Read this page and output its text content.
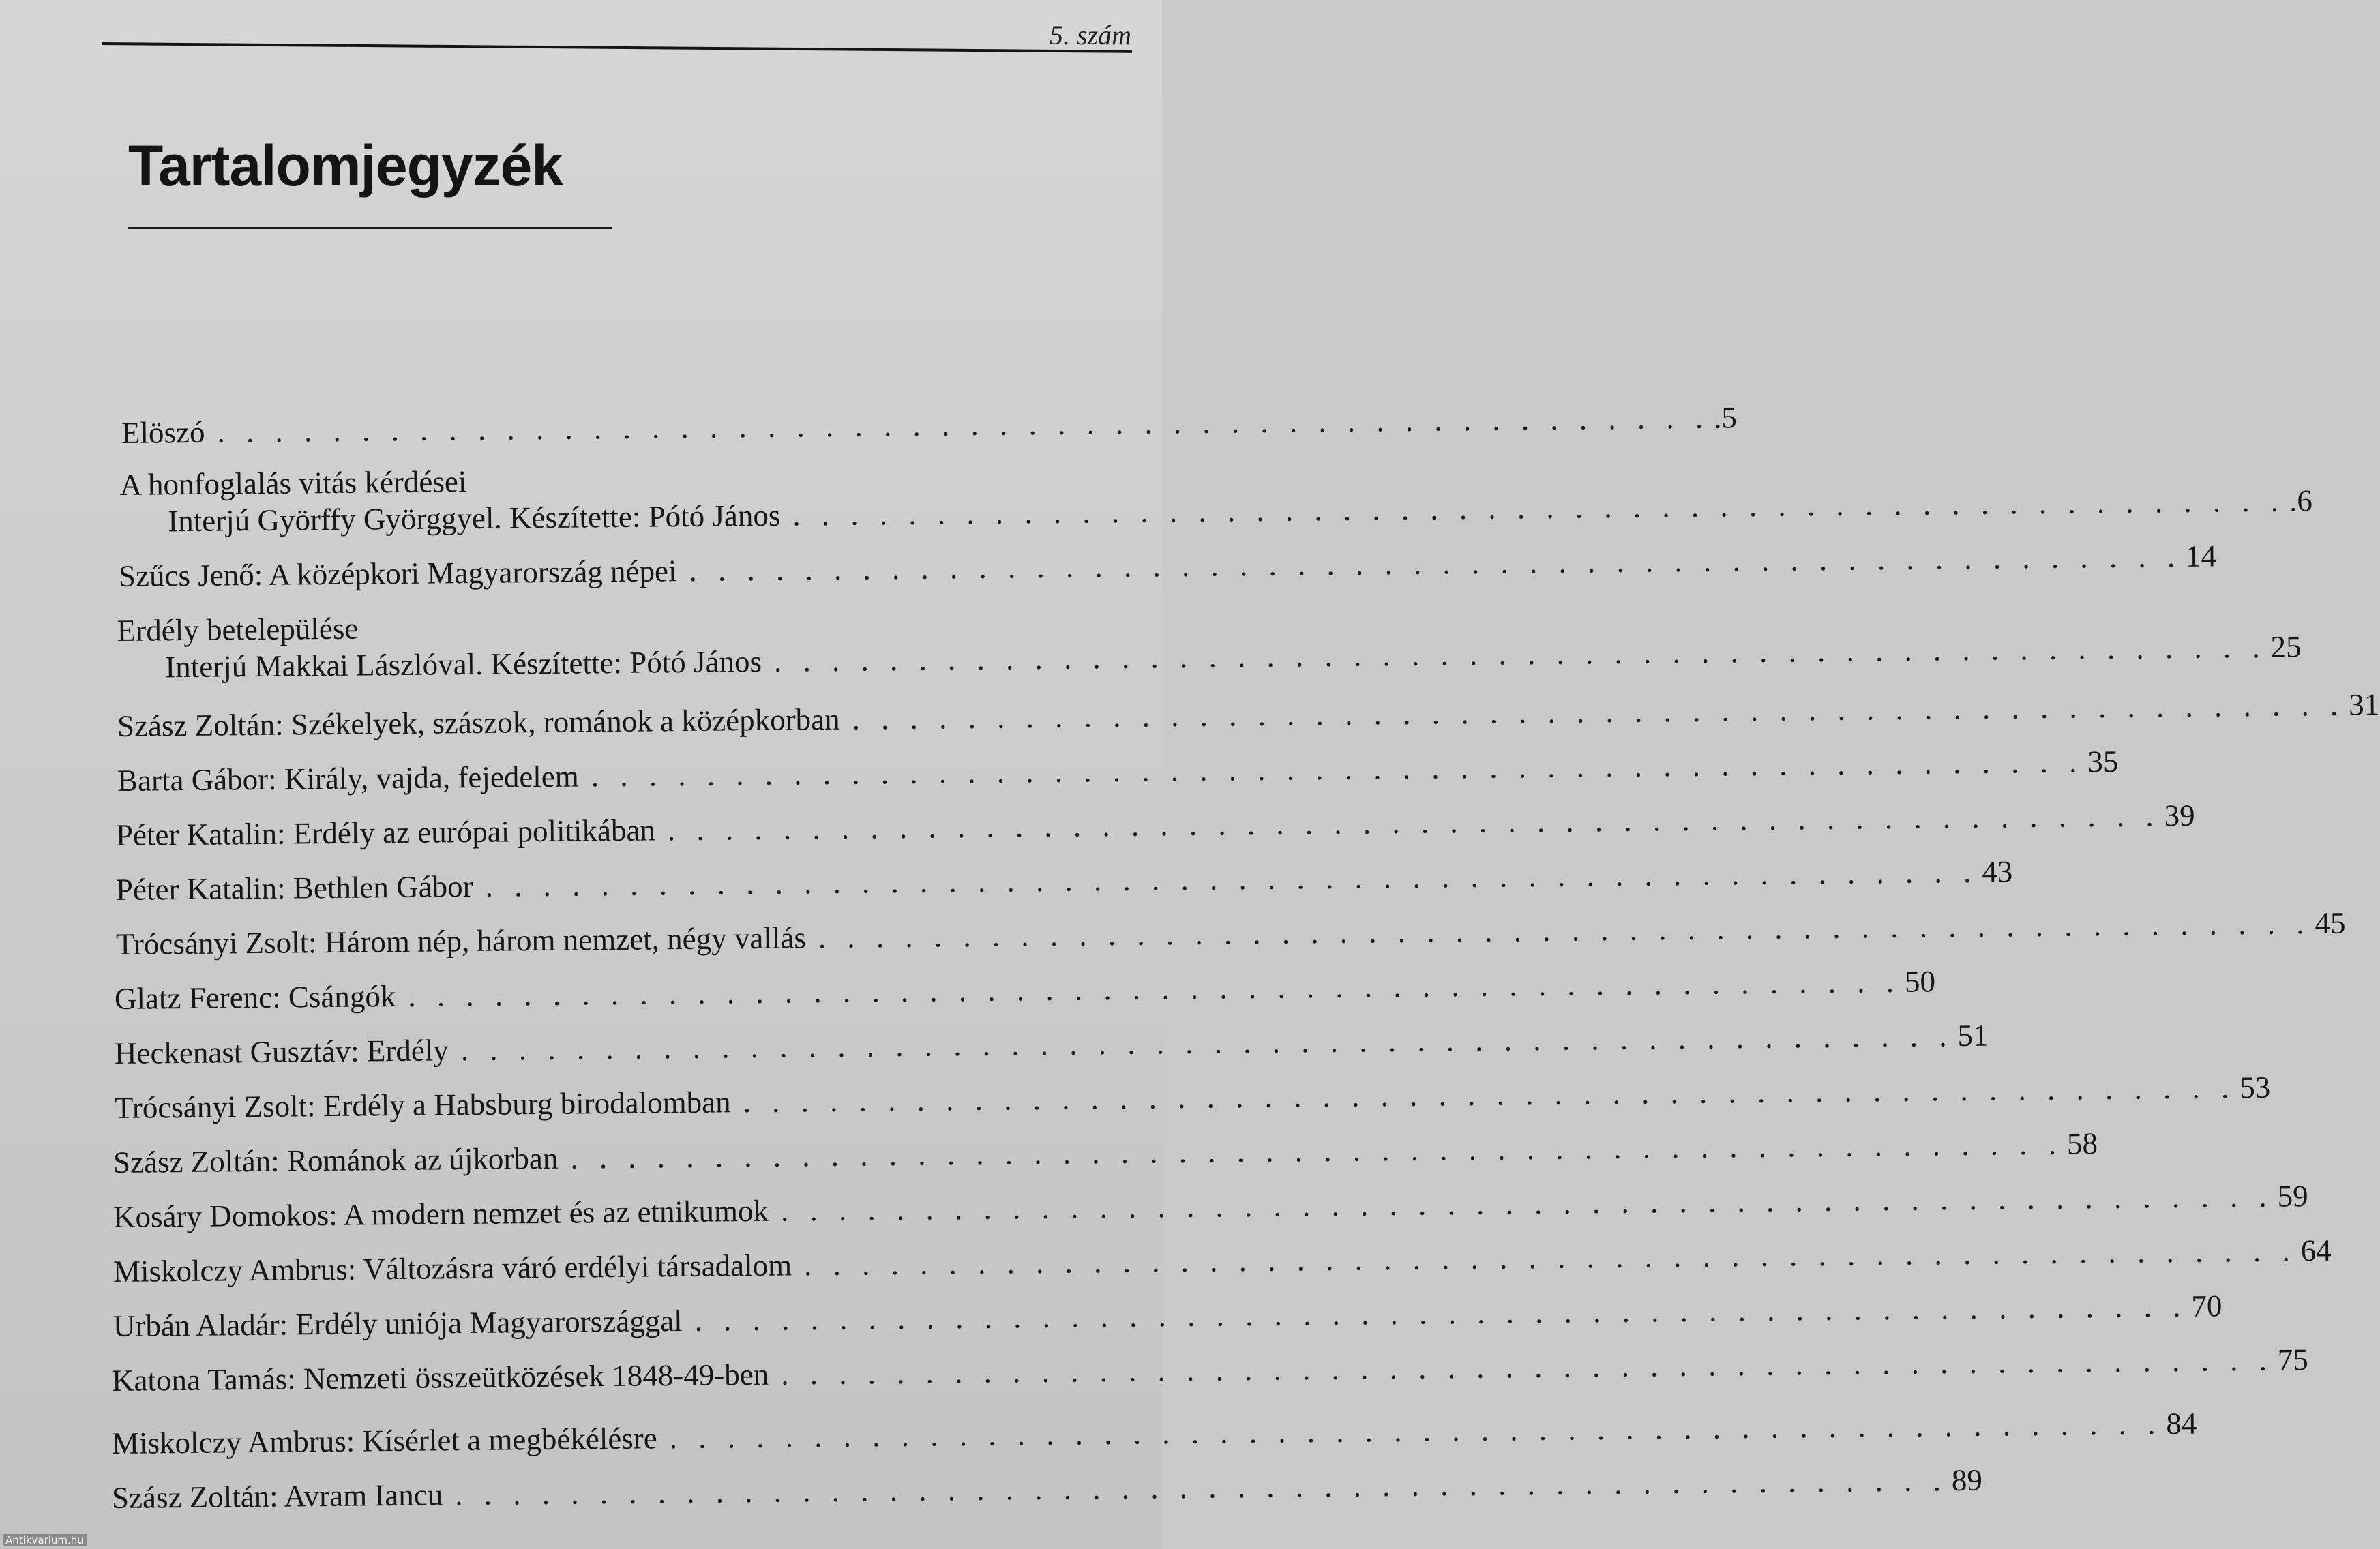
5. szám
Tartalomjegyzék
Elöszó . . . . . . . . . . . . . . . . . . . . . . . . . . . . . . . . . . . . . . . . . . . . . . . . . . . . .5
A honfoglalás vitás kérdései
Interjú Györffy Györggyel. Készítette: Pótó János . . . . . . . . . . . . . . . . . . . . . . . . . . . . . . . . . . . . . . . . . . . . . . . . . . . . .6
Szűcs Jenő: A középkori Magyarország népei . . . . . . . . . . . . . . . . . . . . . . . . . . . . . . . . . . . . . . . . . . . . . . . . . . . . 14
Erdély betelepülése
Interjú Makkai Lászlóval. Készítette: Pótó János . . . . . . . . . . . . . . . . . . . . . . . . . . . . . . . . . . . . . . . . . . . . . . . . . . . . 25
Szász Zoltán: Székelyek, szászok, románok a középkorban . . . . . . . . . . . . . . . . . . . . . . . . . . . . . . . . . . . . . . . . . . . . . . . . . . . . 31
Barta Gábor: Király, vajda, fejedelem . . . . . . . . . . . . . . . . . . . . . . . . . . . . . . . . . . . . . . . . . . . . . . . . . . . . 35
Péter Katalin: Erdély az európai politikában . . . . . . . . . . . . . . . . . . . . . . . . . . . . . . . . . . . . . . . . . . . . . . . . . . . . 39
Péter Katalin: Bethlen Gábor . . . . . . . . . . . . . . . . . . . . . . . . . . . . . . . . . . . . . . . . . . . . . . . . . . . . 43
Trócsányi Zsolt: Három nép, három nemzet, négy vallás . . . . . . . . . . . . . . . . . . . . . . . . . . . . . . . . . . . . . . . . . . . . . . . . . . . . 45
Glatz Ferenc: Csángók . . . . . . . . . . . . . . . . . . . . . . . . . . . . . . . . . . . . . . . . . . . . . . . . . . . . 50
Heckenast Gusztáv: Erdély . . . . . . . . . . . . . . . . . . . . . . . . . . . . . . . . . . . . . . . . . . . . . . . . . . . . 51
Trócsányi Zsolt: Erdély a Habsburg birodalomban . . . . . . . . . . . . . . . . . . . . . . . . . . . . . . . . . . . . . . . . . . . . . . . . . . . . 53
Szász Zoltán: Románok az újkorban . . . . . . . . . . . . . . . . . . . . . . . . . . . . . . . . . . . . . . . . . . . . . . . . . . . . 58
Kosáry Domokos: A modern nemzet és az etnikumok . . . . . . . . . . . . . . . . . . . . . . . . . . . . . . . . . . . . . . . . . . . . . . . . . . . . 59
Miskolczy Ambrus: Változásra váró erdélyi társadalom . . . . . . . . . . . . . . . . . . . . . . . . . . . . . . . . . . . . . . . . . . . . . . . . . . . . 64
Urbán Aladár: Erdély uniója Magyarországgal . . . . . . . . . . . . . . . . . . . . . . . . . . . . . . . . . . . . . . . . . . . . . . . . . . . . 70
Katona Tamás: Nemzeti összeütközések 1848-49-ben . . . . . . . . . . . . . . . . . . . . . . . . . . . . . . . . . . . . . . . . . . . . . . . . . . . . 75
Miskolczy Ambrus: Kísérlet a megbékélésre . . . . . . . . . . . . . . . . . . . . . . . . . . . . . . . . . . . . . . . . . . . . . . . . . . . . 84
Szász Zoltán: Avram Iancu . . . . . . . . . . . . . . . . . . . . . . . . . . . . . . . . . . . . . . . . . . . . . . . . . . . . 89
Antikvarium.hu
